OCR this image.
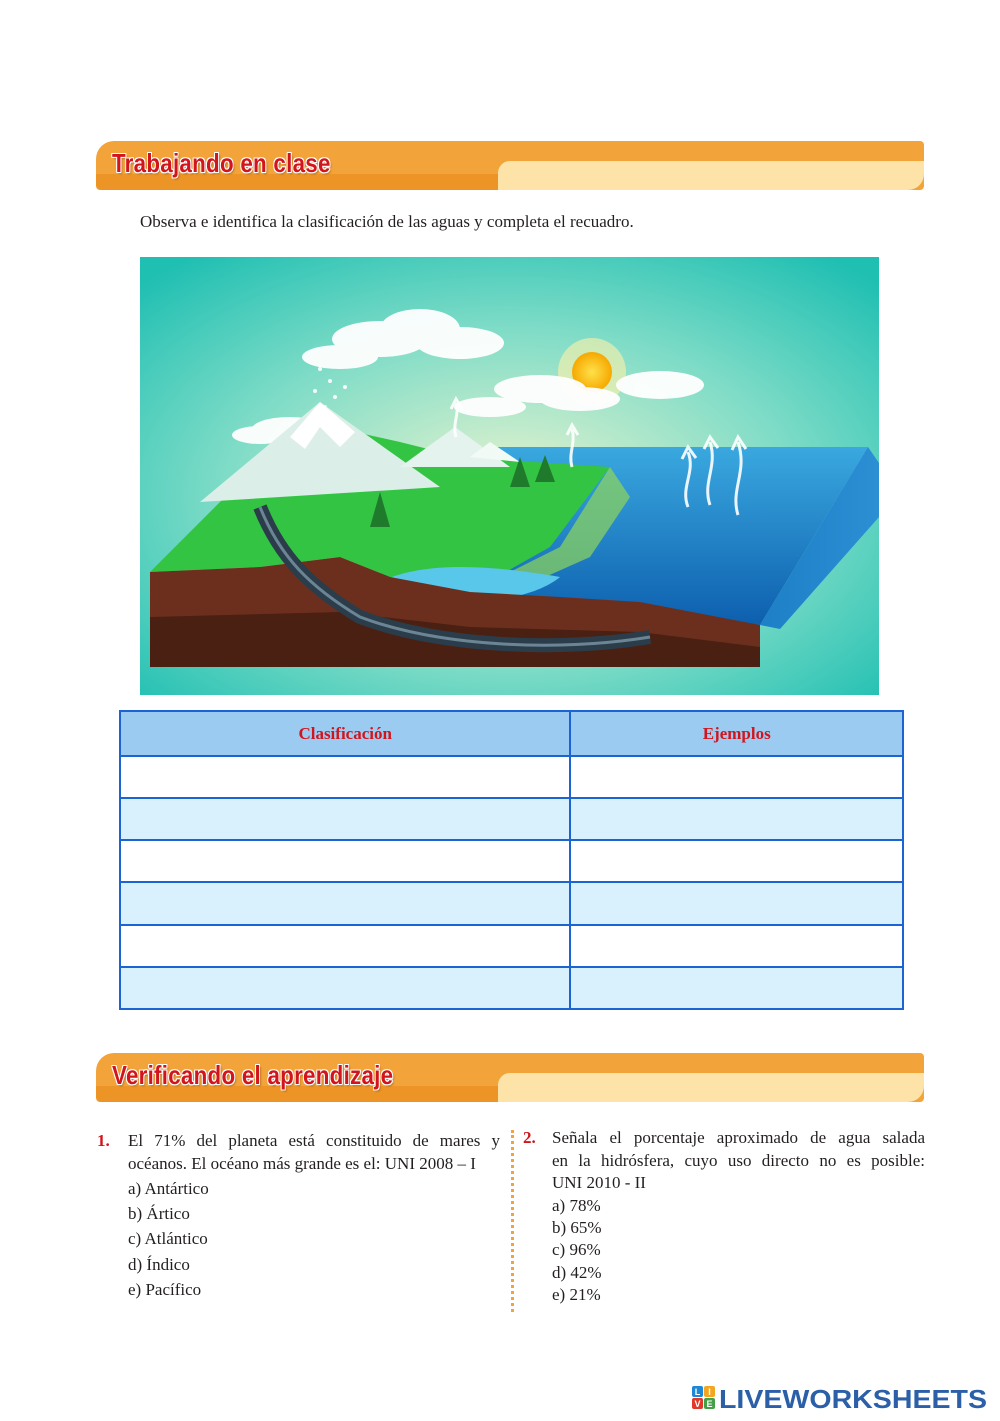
Trabajando en clase
Observa e identifica la clasificación de las aguas y completa el recuadro.
Clasificación	Ejemplos

Verificando el aprendizaje
1. El 71% del planeta está constituido de mares y
océanos. El océano más grande es el: UNI 2008 – I
a) Antártico
b) Ártico
c) Atlántico
d) Índico
e) Pacífico
2. Señala el porcentaje aproximado de agua salada
en la hidrósfera, cuyo uso directo no es posible:
UNI 2010 - II
a) 78%
b) 65%
c) 96%
d) 42%
e) 21%
L I
V E LIVEWORKSHEETS
